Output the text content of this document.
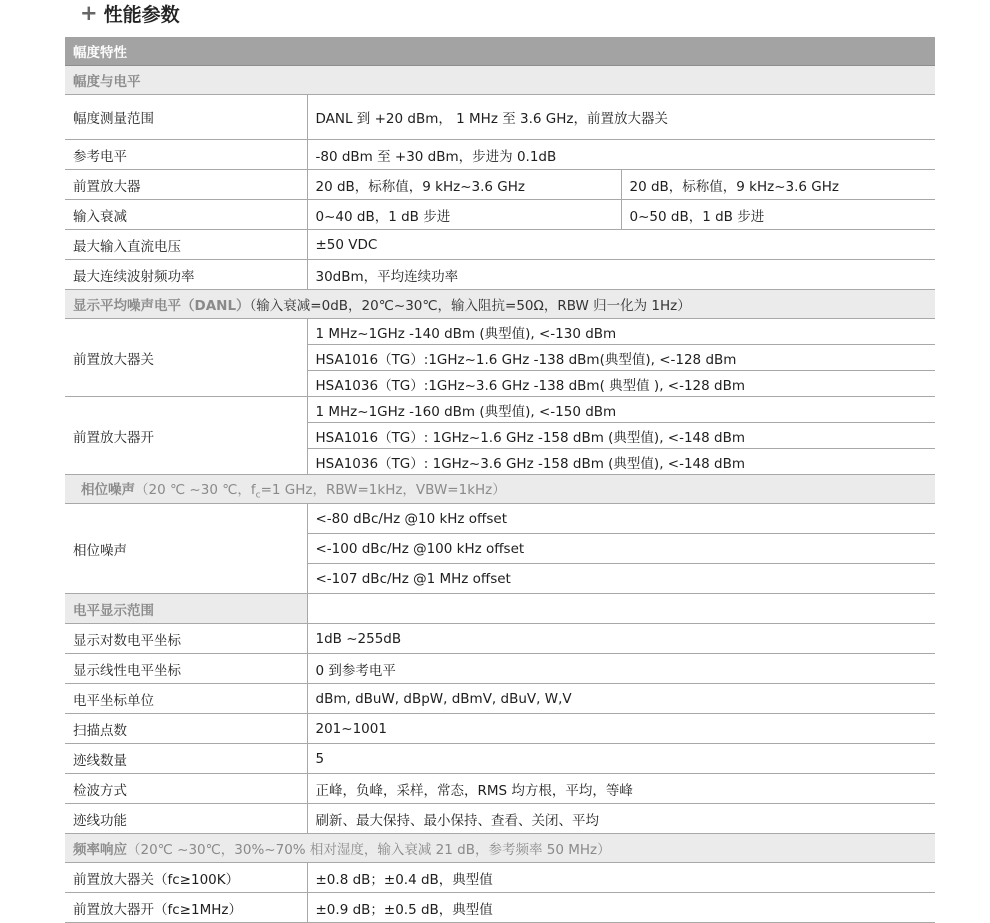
+ 性能参数
幅度特性		
幅度与电平		
幅度测量范围	DANL 到 +20 dBm， 1 MHz 至 3.6 GHz，前置放大器关	
参考电平	-80 dBm 至 +30 dBm，步进为 0.1dB	
前置放大器	20 dB，标称值，9 kHz~3.6 GHz	20 dB，标称值，9 kHz~3.6 GHz
输入衰减	0~40 dB，1 dB 步进	0~50 dB，1 dB 步进
最大输入直流电压	±50 VDC	
最大连续波射频功率	30dBm，平均连续功率	
显示平均噪声电平（DANL）（输入衰减=0dB，20℃~30℃，输入阻抗=50Ω，RBW 归一化为 1Hz）		
前置放大器关	1 MHz~1GHz -140 dBm (典型值), <-130 dBm	
	HSA1016（TG）:1GHz~1.6 GHz -138 dBm(典型值), <-128 dBm	
	HSA1036（TG）:1GHz~3.6 GHz -138 dBm( 典型值 ), <-128 dBm	
前置放大器开	1 MHz~1GHz -160 dBm (典型值), <-150 dBm	
	HSA1016（TG）: 1GHz~1.6 GHz -158 dBm (典型值), <-148 dBm	
	HSA1036（TG）: 1GHz~3.6 GHz -158 dBm (典型值), <-148 dBm	
相位噪声（20 ℃ ~30 ℃，$f_c=1$ GHz，RBW=1kHz，VBW=1kHz）		
相位噪声	<-80 dBc/Hz @10 kHz offset	
	<-100 dBc/Hz @100 kHz offset	
	<-107 dBc/Hz @1 MHz offset	
电平显示范围		
显示对数电平坐标	1dB ~255dB	
显示线性电平坐标	0 到参考电平	
电平坐标单位	dBm, dBuW, dBpW, dBmV, dBuV, W,V	
扫描点数	201~1001	
迹线数量	5	
检波方式	正峰，负峰，采样，常态，RMS 均方根，平均，等峰	
迹线功能	刷新、最大保持、最小保持、查看、关闭、平均	
频率响应（20℃ ~30℃，30%~70% 相对湿度，输入衰减 21 dB，参考频率 50 MHz）		
前置放大器关（fc≥100K）	±0.8 dB；±0.4 dB，典型值	
前置放大器开（fc≥1MHz）	±0.9 dB；±0.5 dB，典型值	
